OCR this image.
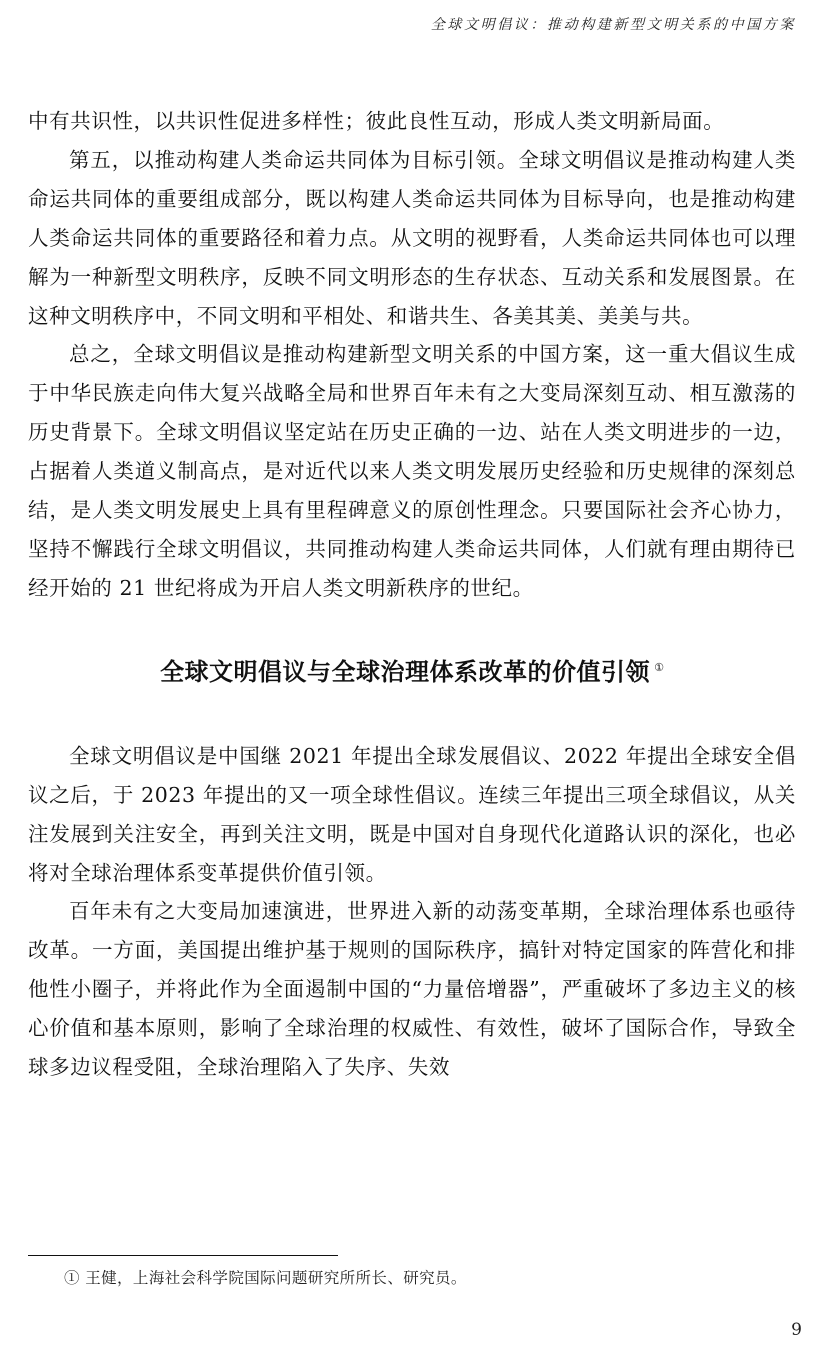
全球文明倡议：推动构建新型文明关系的中国方案

中有共识性，以共识性促进多样性；彼此良性互动，形成人类文明新局面。

第五，以推动构建人类命运共同体为目标引领。全球文明倡议是推动构建人类命运共同体的重要组成部分，既以构建人类命运共同体为目标导向，也是推动构建人类命运共同体的重要路径和着力点。从文明的视野看，人类命运共同体也可以理解为一种新型文明秩序，反映不同文明形态的生存状态、互动关系和发展图景。在这种文明秩序中，不同文明和平相处、和谐共生、各美其美、美美与共。

总之，全球文明倡议是推动构建新型文明关系的中国方案，这一重大倡议生成于中华民族走向伟大复兴战略全局和世界百年未有之大变局深刻互动、相互激荡的历史背景下。全球文明倡议坚定站在历史正确的一边、站在人类文明进步的一边，占据着人类道义制高点，是对近代以来人类文明发展历史经验和历史规律的深刻总结，是人类文明发展史上具有里程碑意义的原创性理念。只要国际社会齐心协力，坚持不懈践行全球文明倡议，共同推动构建人类命运共同体，人们就有理由期待已经开始的 21 世纪将成为开启人类文明新秩序的世纪。

全球文明倡议与全球治理体系改革的价值引领 ①

全球文明倡议是中国继 2021 年提出全球发展倡议、2022 年提出全球安全倡议之后，于 2023 年提出的又一项全球性倡议。连续三年提出三项全球倡议，从关注发展到关注安全，再到关注文明，既是中国对自身现代化道路认识的深化，也必将对全球治理体系变革提供价值引领。

百年未有之大变局加速演进，世界进入新的动荡变革期，全球治理体系也亟待改革。一方面，美国提出维护基于规则的国际秩序，搞针对特定国家的阵营化和排他性小圈子，并将此作为全面遏制中国的“力量倍增器”，严重破坏了多边主义的核心价值和基本原则，影响了全球治理的权威性、有效性，破坏了国际合作，导致全球多边议程受阻，全球治理陷入了失序、失效

① 王健，上海社会科学院国际问题研究所所长、研究员。
9
